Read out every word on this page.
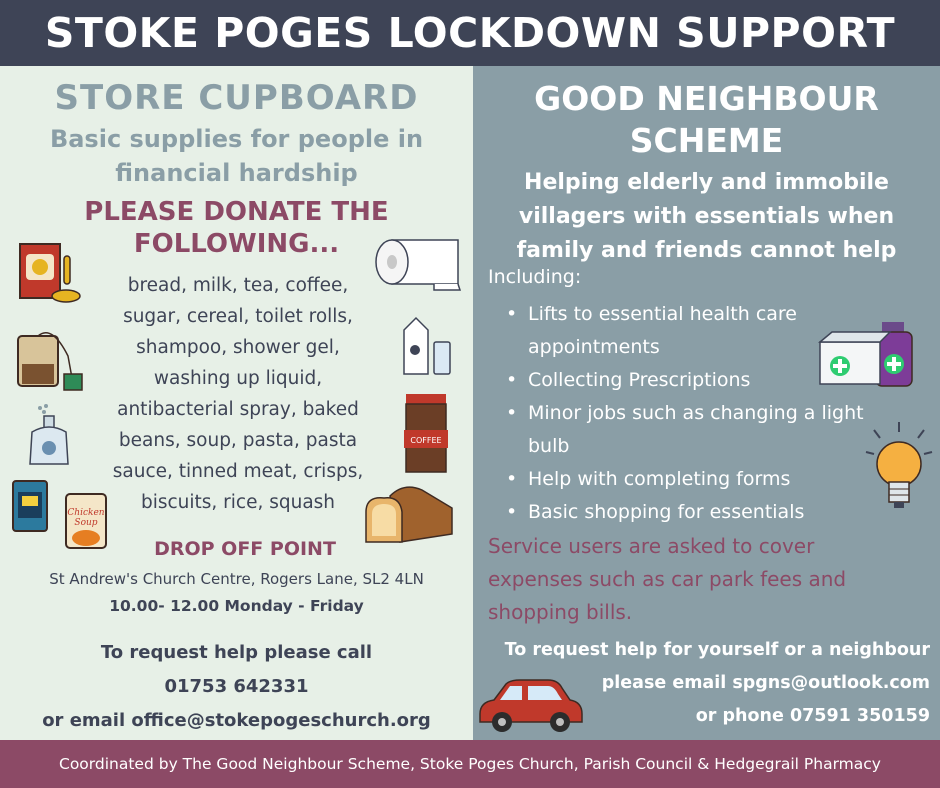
STOKE POGES LOCKDOWN SUPPORT
STORE CUPBOARD
Basic supplies for people in financial hardship
PLEASE DONATE THE FOLLOWING...
bread, milk, tea, coffee,
sugar, cereal, toilet rolls,
shampoo, shower gel,
washing up liquid,
antibacterial spray, baked
beans, soup, pasta, pasta
sauce, tinned meat, crisps,
biscuits, rice, squash
DROP OFF POINT
St Andrew's Church Centre, Rogers Lane, SL2 4LN
10.00- 12.00 Monday - Friday
To request help please call
01753 642331
or email office@stokepogeschurch.org
Chicken
Soup
COFFEE
GOOD NEIGHBOUR
SCHEME
Helping elderly and immobile
villagers with essentials when
family and friends cannot help
Including:
• Lifts to essential health care appointments
• Collecting Prescriptions
• Minor jobs such as changing a light bulb
• Help with completing forms
• Basic shopping for essentials
Service users are asked to cover expenses such as car park fees and shopping bills.
To request help for yourself or a neighbour
please email spgns@outlook.com
or phone 07591 350159
Coordinated by The Good Neighbour Scheme, Stoke Poges Church, Parish Council & Hedgegrail Pharmacy
